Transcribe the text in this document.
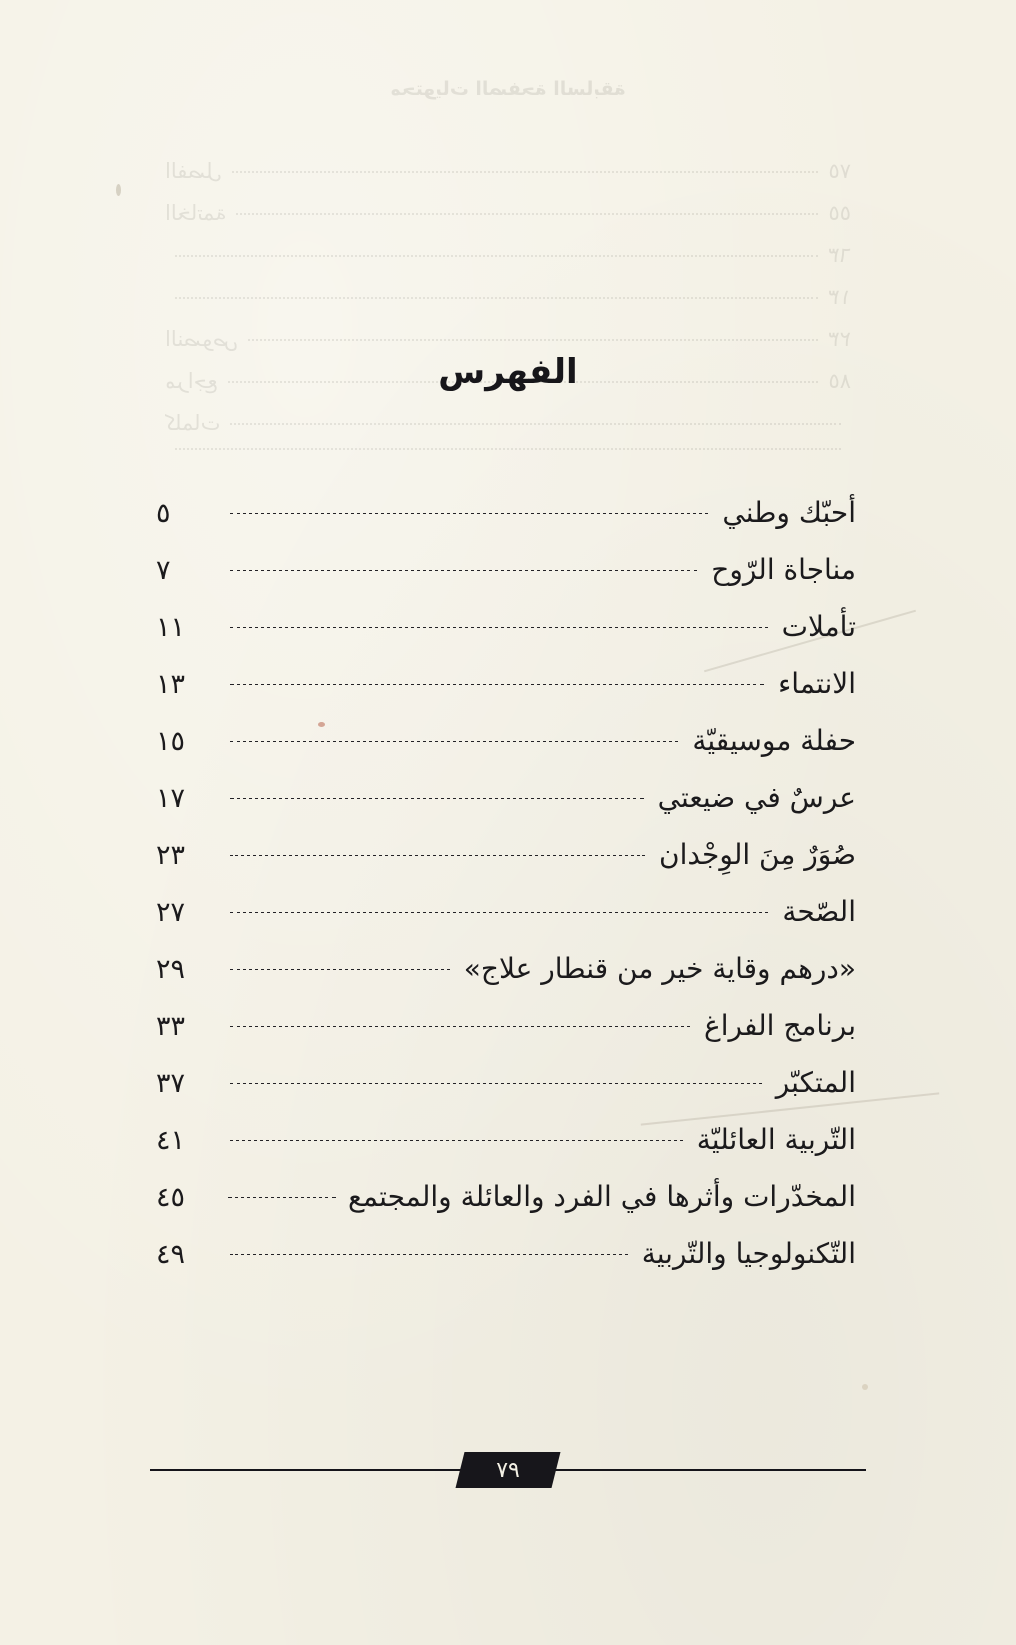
الفهرس
أحبّك وطني
٥
مناجاة الرّوح
٧
تأملات
١١
الانتماء
١٣
حفلة موسيقيّة
١٥
عرسٌ في ضيعتي
١٧
صُوَرٌ مِنَ الوِجْدان
٢٣
الصّحة
٢٧
«درهم وقاية خير من قنطار علاج»
٢٩
برنامج الفراغ
٣٣
المتكبّر
٣٧
التّربية العائليّة
٤١
المخدّرات وأثرها في الفرد والعائلة والمجتمع
٤٥
التّكنولوجيا والتّربية
٤٩
٧٩
